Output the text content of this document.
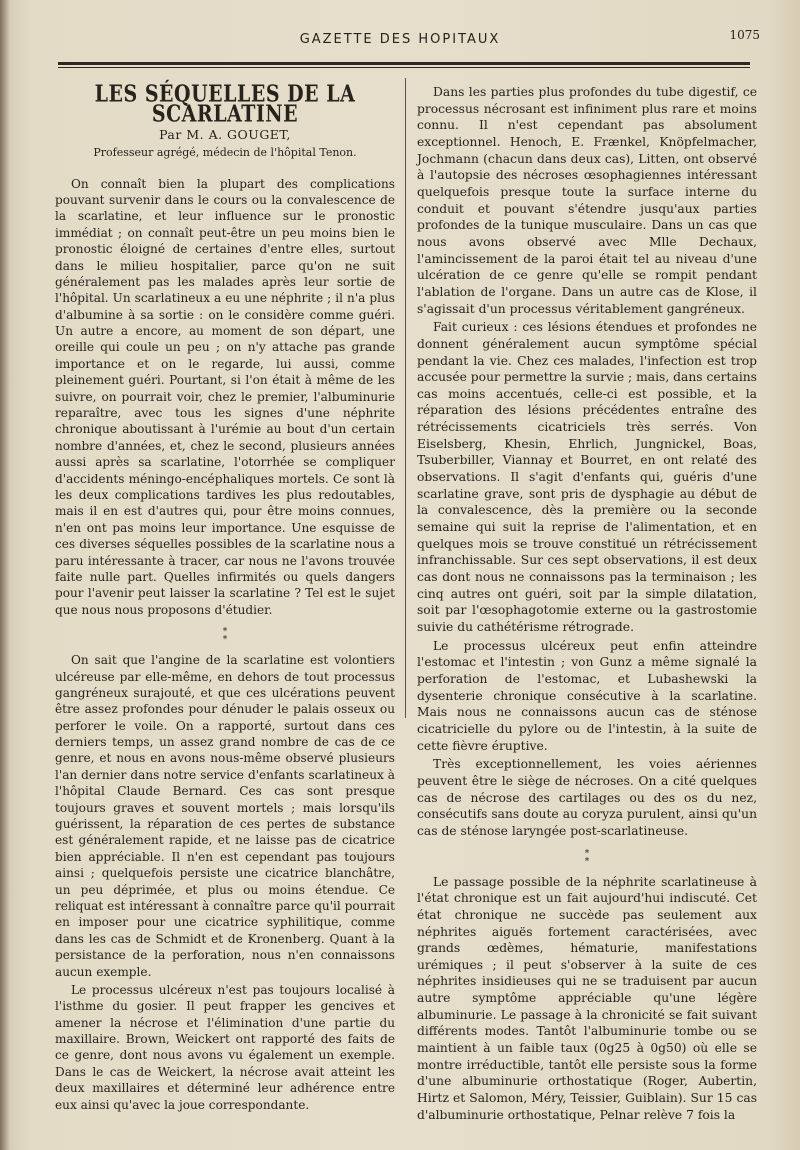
GAZETTE DES HOPITAUX	1075
LES SÉQUELLES DE LA SCARLATINE
Par M. A. GOUGET,
Professeur agrégé, médecin de l'hôpital Tenon.

On connaît bien la plupart des complications pouvant survenir dans le cours ou la convalescence de la scarlatine, et leur influence sur le pronostic immédiat ; on connaît peut-être un peu moins bien le pronostic éloigné de certaines d'entre elles, surtout dans le milieu hospitalier, parce qu'on ne suit généralement pas les malades après leur sortie de l'hôpital. Un scarlatineux a eu une néphrite ; il n'a plus d'albumine à sa sortie : on le considère comme guéri. Un autre a encore, au moment de son départ, une oreille qui coule un peu ; on n'y attache pas grande importance et on le regarde, lui aussi, comme pleinement guéri. Pourtant, si l'on était à même de les suivre, on pourrait voir, chez le premier, l'albuminurie reparaître, avec tous les signes d'une néphrite chronique aboutissant à l'urémie au bout d'un certain nombre d'années, et, chez le second, plusieurs années aussi après sa scarlatine, l'otorrhée se compliquer d'accidents méningo-encéphaliques mortels. Ce sont là les deux complications tardives les plus redoutables, mais il en est d'autres qui, pour être moins connues, n'en ont pas moins leur importance. Une esquisse de ces diverses séquelles possibles de la scarlatine nous a paru intéressante à tracer, car nous ne l'avons trouvée faite nulle part. Quelles infirmités ou quels dangers pour l'avenir peut laisser la scarlatine ? Tel est le sujet que nous nous proposons d'étudier.

*
*

On sait que l'angine de la scarlatine est volontiers ulcéreuse par elle-même, en dehors de tout processus gangréneux surajouté, et que ces ulcérations peuvent être assez profondes pour dénuder le palais osseux ou perforer le voile. On a rapporté, surtout dans ces derniers temps, un assez grand nombre de cas de ce genre, et nous en avons nous-même observé plusieurs l'an dernier dans notre service d'enfants scarlatineux à l'hôpital Claude Bernard. Ces cas sont presque toujours graves et souvent mortels ; mais lorsqu'ils guérissent, la réparation de ces pertes de substance est généralement rapide, et ne laisse pas de cicatrice bien appréciable. Il n'en est cependant pas toujours ainsi ; quelquefois persiste une cicatrice blanchâtre, un peu déprimée, et plus ou moins étendue. Ce reliquat est intéressant à connaître parce qu'il pourrait en imposer pour une cicatrice syphilitique, comme dans les cas de Schmidt et de Kronenberg. Quant à la persistance de la perforation, nous n'en connaissons aucun exemple.

Le processus ulcéreux n'est pas toujours localisé à l'isthme du gosier. Il peut frapper les gencives et amener la nécrose et l'élimination d'une partie du maxillaire. Brown, Weickert ont rapporté des faits de ce genre, dont nous avons vu également un exemple. Dans le cas de Weickert, la nécrose avait atteint les deux maxillaires et déterminé leur adhérence entre eux ainsi qu'avec la joue correspondante.

Dans les parties plus profondes du tube digestif, ce processus nécrosant est infiniment plus rare et moins connu. Il n'est cependant pas absolument exceptionnel. Henoch, E. Frænkel, Knöpfelmacher, Jochmann (chacun dans deux cas), Litten, ont observé à l'autopsie des nécroses œsophagiennes intéressant quelquefois presque toute la surface interne du conduit et pouvant s'étendre jusqu'aux parties profondes de la tunique musculaire. Dans un cas que nous avons observé avec Mlle Dechaux, l'amincissement de la paroi était tel au niveau d'une ulcération de ce genre qu'elle se rompit pendant l'ablation de l'organe. Dans un autre cas de Klose, il s'agissait d'un processus véritablement gangréneux.

Fait curieux : ces lésions étendues et profondes ne donnent généralement aucun symptôme spécial pendant la vie. Chez ces malades, l'infection est trop accusée pour permettre la survie ; mais, dans certains cas moins accentués, celle-ci est possible, et la réparation des lésions précédentes entraîne des rétrécissements cicatriciels très serrés. Von Eiselsberg, Khesin, Ehrlich, Jungnickel, Boas, Tsuberbiller, Viannay et Bourret, en ont relaté des observations. Il s'agit d'enfants qui, guéris d'une scarlatine grave, sont pris de dysphagie au début de la convalescence, dès la première ou la seconde semaine qui suit la reprise de l'alimentation, et en quelques mois se trouve constitué un rétrécissement infranchissable. Sur ces sept observations, il est deux cas dont nous ne connaissons pas la terminaison ; les cinq autres ont guéri, soit par la simple dilatation, soit par l'œsophagotomie externe ou la gastrostomie suivie du cathétérisme rétrograde.

Le processus ulcéreux peut enfin atteindre l'estomac et l'intestin ; von Gunz a même signalé la perforation de l'estomac, et Lubashewski la dysenterie chronique consécutive à la scarlatine. Mais nous ne connaissons aucun cas de sténose cicatricielle du pylore ou de l'intestin, à la suite de cette fièvre éruptive.

Très exceptionnellement, les voies aériennes peuvent être le siège de nécroses. On a cité quelques cas de nécrose des cartilages ou des os du nez, consécutifs sans doute au coryza purulent, ainsi qu'un cas de sténose laryngée post-scarlatineuse.

*
*

Le passage possible de la néphrite scarlatineuse à l'état chronique est un fait aujourd'hui indiscuté. Cet état chronique ne succède pas seulement aux néphrites aiguës fortement caractérisées, avec grands œdèmes, hématurie, manifestations urémiques ; il peut s'observer à la suite de ces néphrites insidieuses qui ne se traduisent par aucun autre symptôme appréciable qu'une légère albuminurie. Le passage à la chronicité se fait suivant différents modes. Tantôt l'albuminurie tombe ou se maintient à un faible taux (0g25 à 0g50) où elle se montre irréductible, tantôt elle persiste sous la forme d'une albuminurie orthostatique (Roger, Aubertin, Hirtz et Salomon, Méry, Teissier, Guiblain). Sur 15 cas d'albuminurie orthostatique, Pelnar relève 7 fois la
